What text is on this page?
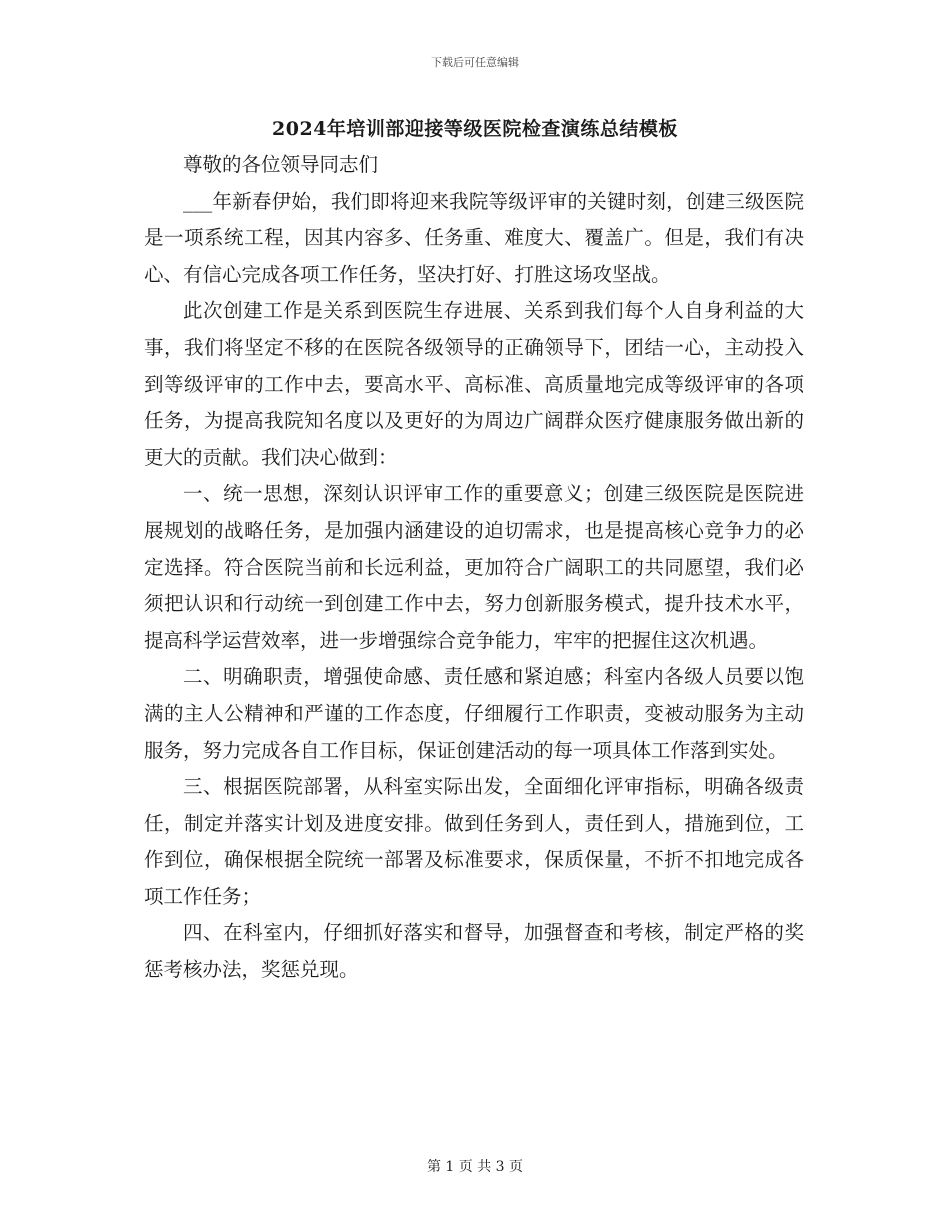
下载后可任意编辑
2024年培训部迎接等级医院检查演练总结模板

尊敬的各位领导同志们

___年新春伊始，我们即将迎来我院等级评审的关键时刻，创建三级医院是一项系统工程，因其内容多、任务重、难度大、覆盖广。但是，我们有决心、有信心完成各项工作任务，坚决打好、打胜这场攻坚战。

此次创建工作是关系到医院生存进展、关系到我们每个人自身利益的大事，我们将坚定不移的在医院各级领导的正确领导下，团结一心，主动投入到等级评审的工作中去，要高水平、高标准、高质量地完成等级评审的各项任务，为提高我院知名度以及更好的为周边广阔群众医疗健康服务做出新的更大的贡献。我们决心做到：

一、统一思想，深刻认识评审工作的重要意义；创建三级医院是医院进展规划的战略任务，是加强内涵建设的迫切需求，也是提高核心竞争力的必定选择。符合医院当前和长远利益，更加符合广阔职工的共同愿望，我们必须把认识和行动统一到创建工作中去，努力创新服务模式，提升技术水平，提高科学运营效率，进一步增强综合竞争能力，牢牢的把握住这次机遇。

二、明确职责，增强使命感、责任感和紧迫感；科室内各级人员要以饱满的主人公精神和严谨的工作态度，仔细履行工作职责，变被动服务为主动服务，努力完成各自工作目标，保证创建活动的每一项具体工作落到实处。

三、根据医院部署，从科室实际出发，全面细化评审指标，明确各级责任，制定并落实计划及进度安排。做到任务到人，责任到人，措施到位，工作到位，确保根据全院统一部署及标准要求，保质保量，不折不扣地完成各项工作任务；

四、在科室内，仔细抓好落实和督导，加强督查和考核，制定严格的奖惩考核办法，奖惩兑现。

第 1 页 共 3 页
